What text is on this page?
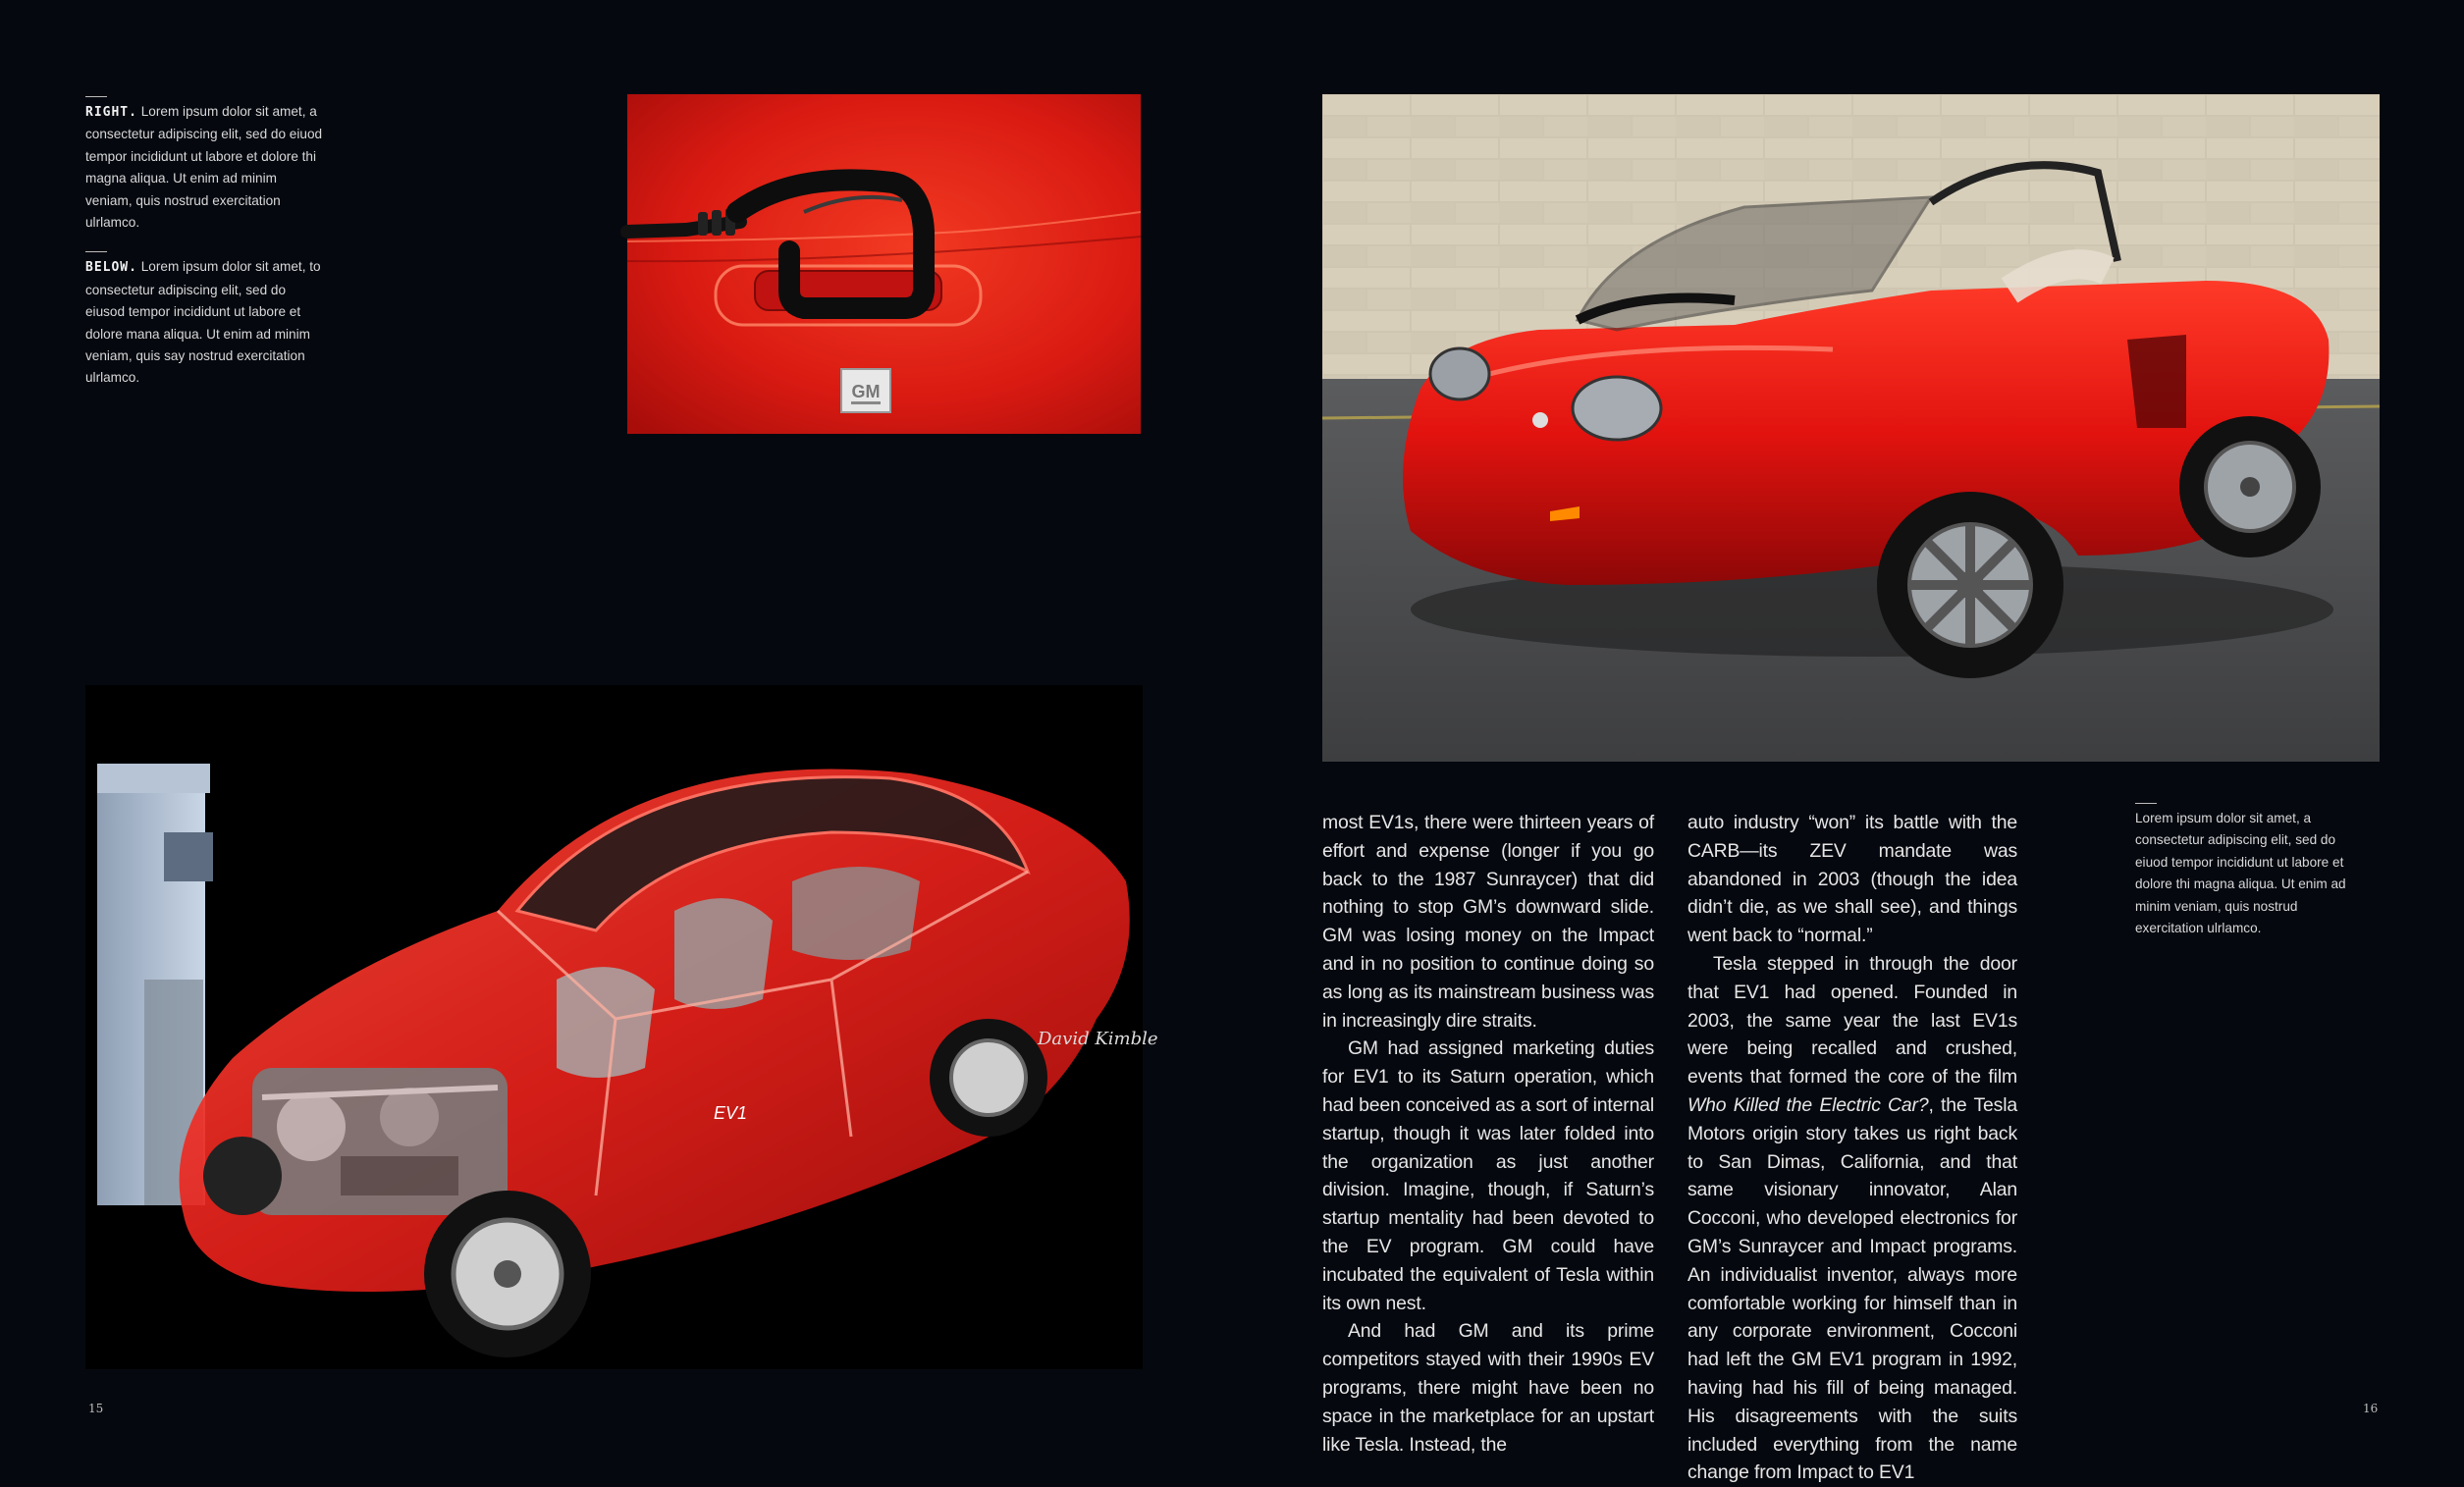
RIGHT. Lorem ipsum dolor sit amet, a consectetur adipiscing elit, sed do eiuod tempor incididunt ut labore et dolore thi magna aliqua. Ut enim ad minim veniam, quis nostrud exercitation ulrlamco.

BELOW. Lorem ipsum dolor sit amet, to consectetur adipiscing elit, sed do eiusod tempor incididunt ut labore et dolore mana aliqua. Ut enim ad minim veniam, quis say nostrud exercitation ulrlamco.

GM
EV1
David Kimble

most EV1s, there were thirteen years of effort and expense (longer if you go back to the 1987 Sunraycer) that did nothing to stop GM’s downward slide. GM was losing money on the Impact and in no position to continue doing so as long as its mainstream business was in increasingly dire straits.

GM had assigned marketing duties for EV1 to its Saturn operation, which had been conceived as a sort of internal startup, though it was later folded into the organization as just another division. Imagine, though, if Saturn’s startup mentality had been devoted to the EV program. GM could have incubated the equivalent of Tesla within its own nest.

And had GM and its prime competitors stayed with their 1990s EV programs, there might have been no space in the marketplace for an upstart like Tesla. Instead, the

auto industry “won” its battle with the CARB—its ZEV mandate was abandoned in 2003 (though the idea didn’t die, as we shall see), and things went back to “normal.”

Tesla stepped in through the door that EV1 had opened. Founded in 2003, the same year the last EV1s were being recalled and crushed, events that formed the core of the film Who Killed the Electric Car?, the Tesla Motors origin story takes us right back to San Dimas, California, and that same visionary innovator, Alan Cocconi, who developed electronics for GM’s Sunraycer and Impact programs. An individualist inventor, always more comfortable working for himself than in any corporate environment, Cocconi had left the GM EV1 program in 1992, having had his fill of being managed. His disagreements with the suits included everything from the name change from Impact to EV1

Lorem ipsum dolor sit amet, a consectetur adipiscing elit, sed do eiuod tempor incididunt ut labore et dolore thi magna aliqua. Ut enim ad minim veniam, quis nostrud exercitation ulrlamco.
15	16
